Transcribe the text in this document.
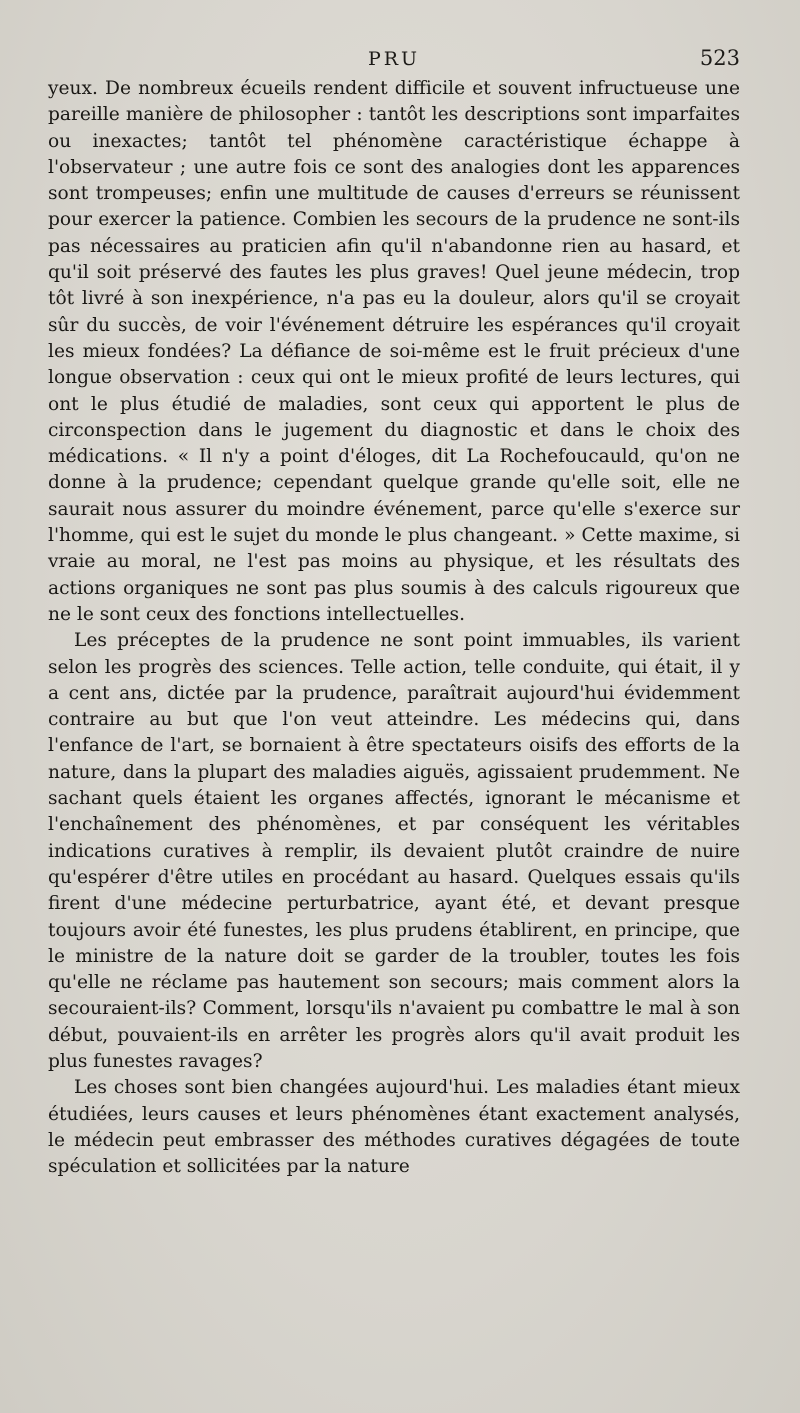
PRU	523

yeux. De nombreux écueils rendent difficile et souvent infructueuse une pareille manière de philosopher : tantôt les descriptions sont imparfaites ou inexactes; tantôt tel phénomène caractéristique échappe à l'observateur ; une autre fois ce sont des analogies dont les apparences sont trompeuses; enfin une multitude de causes d'erreurs se réunissent pour exercer la patience. Combien les secours de la prudence ne sont-ils pas nécessaires au praticien afin qu'il n'abandonne rien au hasard, et qu'il soit préservé des fautes les plus graves! Quel jeune médecin, trop tôt livré à son inexpérience, n'a pas eu la douleur, alors qu'il se croyait sûr du succès, de voir l'événement détruire les espérances qu'il croyait les mieux fondées? La défiance de soi-même est le fruit précieux d'une longue observation : ceux qui ont le mieux profité de leurs lectures, qui ont le plus étudié de maladies, sont ceux qui apportent le plus de circonspection dans le jugement du diagnostic et dans le choix des médications. « Il n'y a point d'éloges, dit La Rochefoucauld, qu'on ne donne à la prudence; cependant quelque grande qu'elle soit, elle ne saurait nous assurer du moindre événement, parce qu'elle s'exerce sur l'homme, qui est le sujet du monde le plus changeant. » Cette maxime, si vraie au moral, ne l'est pas moins au physique, et les résultats des actions organiques ne sont pas plus soumis à des calculs rigoureux que ne le sont ceux des fonctions intellectuelles.

Les préceptes de la prudence ne sont point immuables, ils varient selon les progrès des sciences. Telle action, telle conduite, qui était, il y a cent ans, dictée par la prudence, paraîtrait aujourd'hui évidemment contraire au but que l'on veut atteindre. Les médecins qui, dans l'enfance de l'art, se bornaient à être spectateurs oisifs des efforts de la nature, dans la plupart des maladies aiguës, agissaient prudemment. Ne sachant quels étaient les organes affectés, ignorant le mécanisme et l'enchaînement des phénomènes, et par conséquent les véritables indications curatives à remplir, ils devaient plutôt craindre de nuire qu'espérer d'être utiles en procédant au hasard. Quelques essais qu'ils firent d'une médecine perturbatrice, ayant été, et devant presque toujours avoir été funestes, les plus prudens établirent, en principe, que le ministre de la nature doit se garder de la troubler, toutes les fois qu'elle ne réclame pas hautement son secours; mais comment alors la secouraient-ils? Comment, lorsqu'ils n'avaient pu combattre le mal à son début, pouvaient-ils en arrêter les progrès alors qu'il avait produit les plus funestes ravages?

Les choses sont bien changées aujourd'hui. Les maladies étant mieux étudiées, leurs causes et leurs phénomènes étant exactement analysés, le médecin peut embrasser des méthodes curatives dégagées de toute spéculation et sollicitées par la nature
